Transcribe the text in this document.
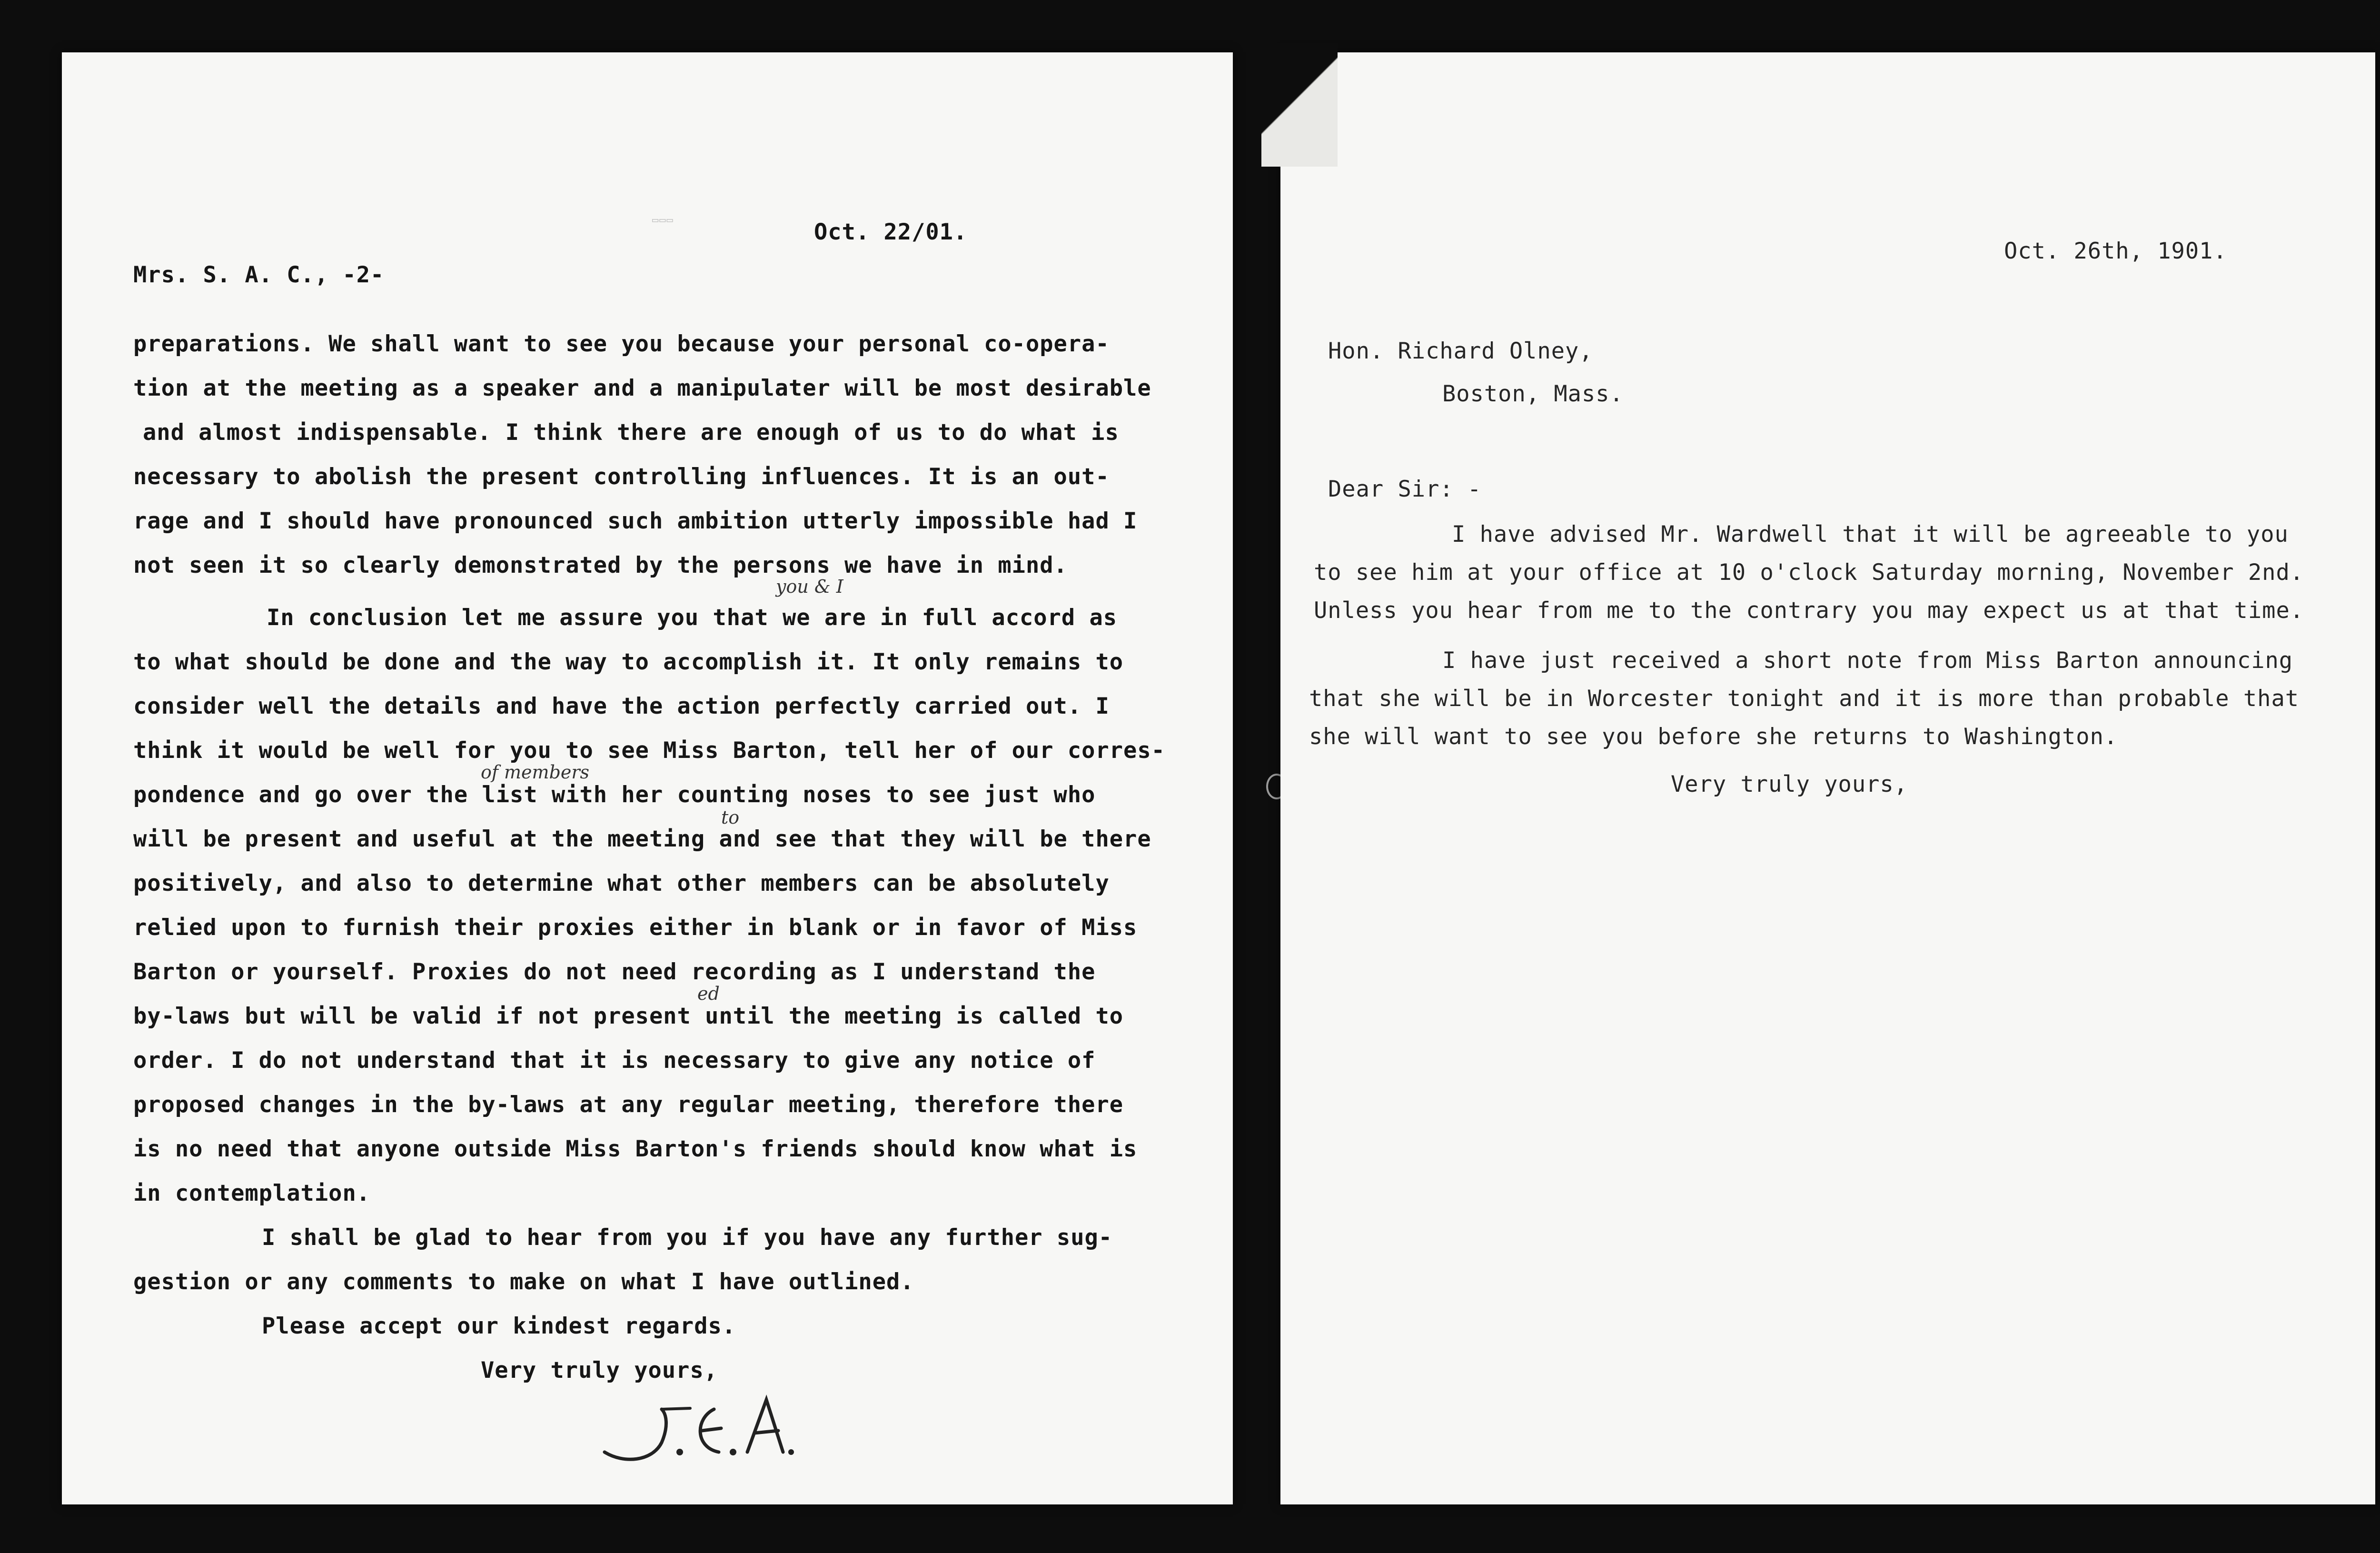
▭▭▭	Oct. 22/01.
Mrs. S. A. C., -2-
preparations. We shall want to see you because your personal co-opera-
tion at the meeting as a speaker and a manipulater will be most desirable
and almost indispensable. I think there are enough of us to do what is
necessary to abolish the present controlling influences. It is an out-
rage and I should have pronounced such ambition utterly impossible had I
not seen it so clearly demonstrated by the persons we have in mind.
you & I
In conclusion let me assure you that we are in full accord as
to what should be done and the way to accomplish it. It only remains to
consider well the details and have the action perfectly carried out. I
think it would be well for you to see Miss Barton, tell her of our corres-
of members
pondence and go over the list with her counting noses to see just who
to
will be present and useful at the meeting and see that they will be there
positively, and also to determine what other members can be absolutely
relied upon to furnish their proxies either in blank or in favor of Miss
Barton or yourself. Proxies do not need recording as I understand the
ed
by-laws but will be valid if not present until the meeting is called to
order. I do not understand that it is necessary to give any notice of
proposed changes in the by-laws at any regular meeting, therefore there
is no need that anyone outside Miss Barton's friends should know what is
in contemplation.
I shall be glad to hear from you if you have any further sug-
gestion or any comments to make on what I have outlined.
Please accept our kindest regards.
Very truly yours,
Oct. 26th, 1901.
Hon. Richard Olney,
Boston, Mass.
Dear Sir: -
I have advised Mr. Wardwell that it will be agreeable to you
to see him at your office at 10 o'clock Saturday morning, November 2nd.
Unless you hear from me to the contrary you may expect us at that time.
I have just received a short note from Miss Barton announcing
that she will be in Worcester tonight and it is more than probable that
she will want to see you before she returns to Washington.
Very truly yours,
